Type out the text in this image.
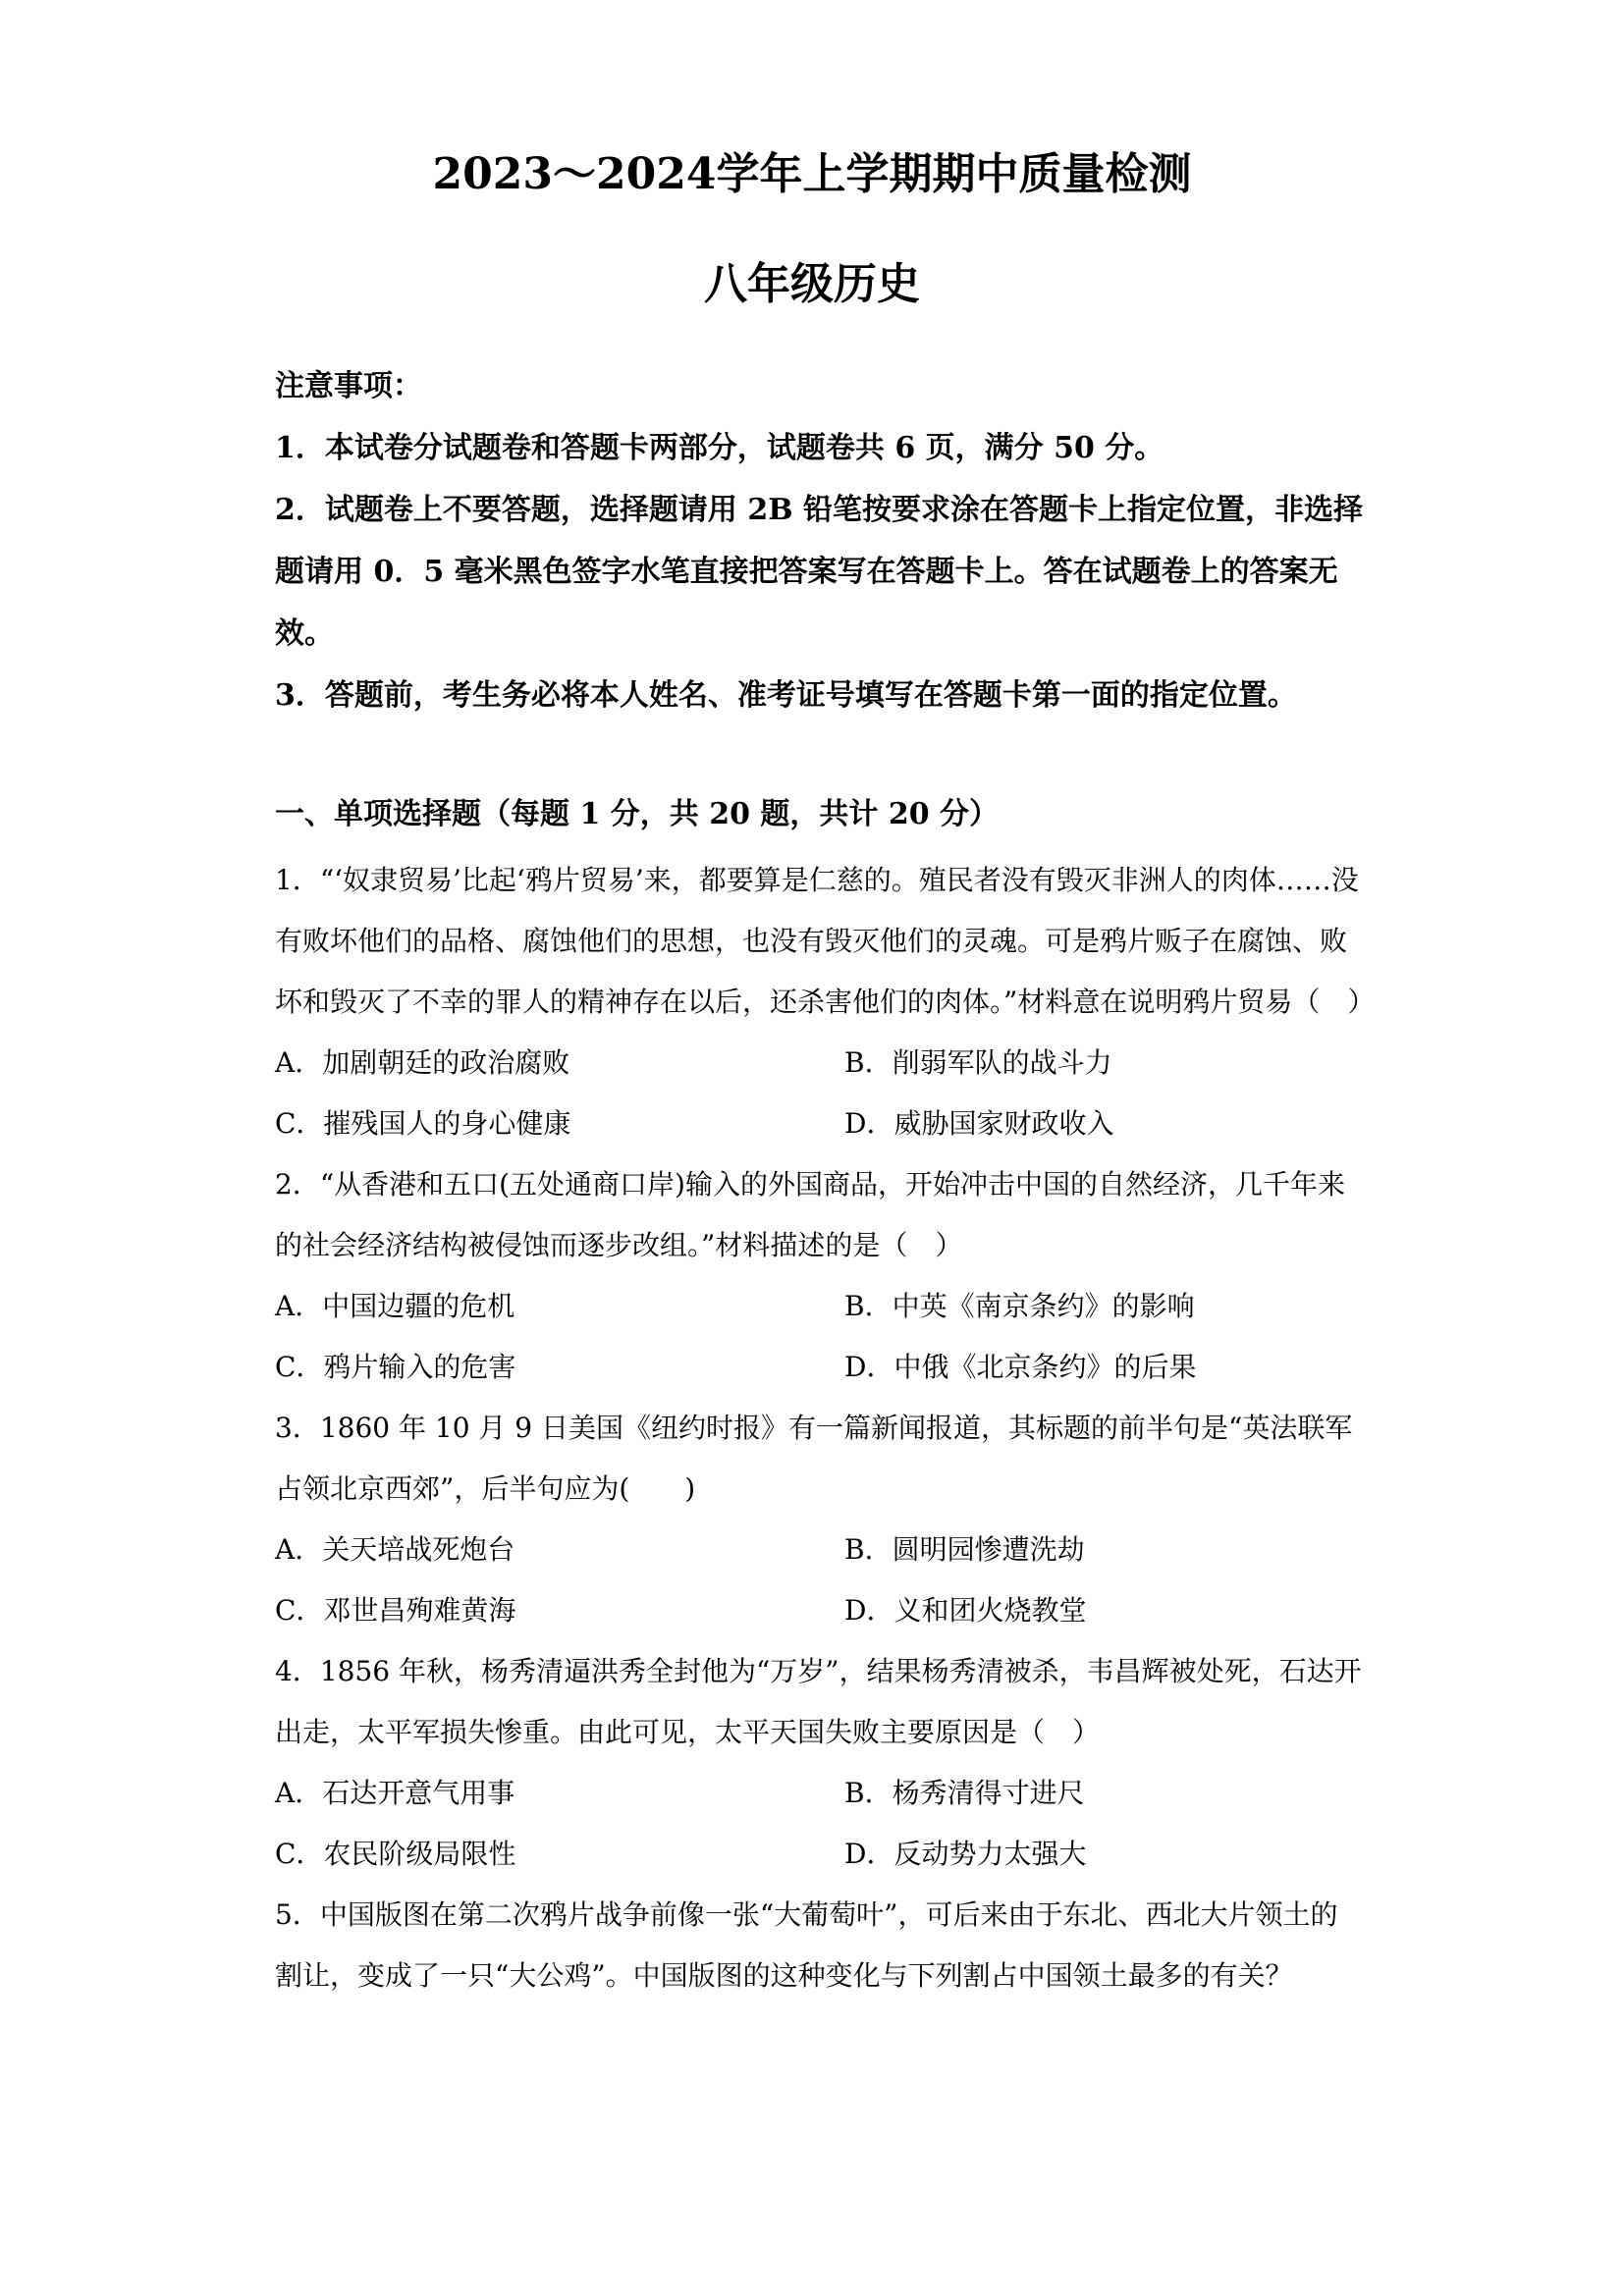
2023～2024学年上学期期中质量检测
八年级历史

注意事项：

1．本试卷分试题卷和答题卡两部分，试题卷共 6 页，满分 50 分。

2．试题卷上不要答题，选择题请用 2B 铅笔按要求涂在答题卡上指定位置，非选择题请用 0．5 毫米黑色签字水笔直接把答案写在答题卡上。答在试题卷上的答案无效。

3．答题前，考生务必将本人姓名、准考证号填写在答题卡第一面的指定位置。

一、单项选择题（每题 1 分，共 20 题，共计 20 分）

1．“‘奴隶贸易’比起‘鸦片贸易’来，都要算是仁慈的。殖民者没有毁灭非洲人的肉体……没有败坏他们的品格、腐蚀他们的思想，也没有毁灭他们的灵魂。可是鸦片贩子在腐蚀、败坏和毁灭了不幸的罪人的精神存在以后，还杀害他们的肉体。”材料意在说明鸦片贸易（　）

A．加剧朝廷的政治腐败	B．削弱军队的战斗力
C．摧残国人的身心健康	D．威胁国家财政收入

2．“从香港和五口(五处通商口岸)输入的外国商品，开始冲击中国的自然经济，几千年来的社会经济结构被侵蚀而逐步改组。”材料描述的是（　）

A．中国边疆的危机	B．中英《南京条约》的影响
C．鸦片输入的危害	D．中俄《北京条约》的后果

3．1860 年 10 月 9 日美国《纽约时报》有一篇新闻报道，其标题的前半句是“英法联军占领北京西郊”，后半句应为(　　)

A．关天培战死炮台	B．圆明园惨遭洗劫
C．邓世昌殉难黄海	D．义和团火烧教堂

4．1856 年秋，杨秀清逼洪秀全封他为“万岁”，结果杨秀清被杀，韦昌辉被处死，石达开出走，太平军损失惨重。由此可见，太平天国失败主要原因是（　）

A．石达开意气用事	B．杨秀清得寸进尺
C．农民阶级局限性	D．反动势力太强大

5．中国版图在第二次鸦片战争前像一张“大葡萄叶”，可后来由于东北、西北大片领土的割让，变成了一只“大公鸡”。中国版图的这种变化与下列割占中国领土最多的有关？
